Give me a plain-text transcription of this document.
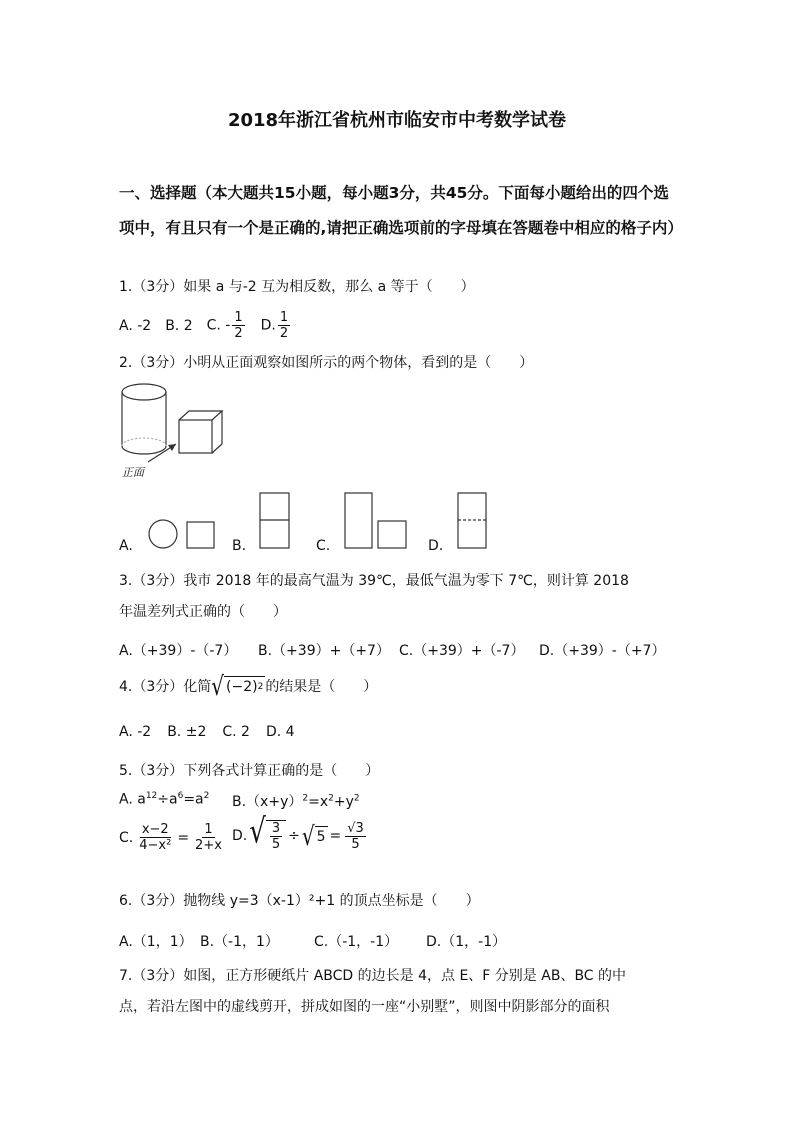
2018年浙江省杭州市临安市中考数学试卷
一、选择题（本大题共15小题，每小题3分，共45分。下面每小题给出的四个选项中，有且只有一个是正确的,请把正确选项前的字母填在答题卷中相应的格子内）
1.（3分）如果 a 与-2 互为相反数，那么 a 等于（　　）
A. -2 B. 2 C. - $\frac{1}{2} D$. $\frac{1}{2}$
2.（3分）小明从正面观察如图所示的两个物体，看到的是（　　）
正面
A.	B.	C.	D.
3.（3分）我市 2018 年的最高气温为 39℃，最低气温为零下 7℃，则计算 2018
年温差列式正确的（　　）
A.（+39）-（-7） B.（+39）+（+7） C.（+39）+（-7） D.（+39）-（+7）
4.（3分）化简 √ (−2) 2 的结果是（　　）
A. -2 B. ±2 C. 2 D. 4
5.（3分）下列各式计算正确的是（　　）
A. $a^{12}\div a^6=a^2$ $B.(x+y)^2=x^2+y^2$
C. $\frac{x-2}{\text{4−x²}} = \frac{1}{2+x} D$. √ $\frac{3}{5}$ ÷ √ $5 = \frac{√3}{5}$
6.（3分）抛物线 y=3（x-1）²+1 的顶点坐标是（　　）
A.（1，1） B.（-1，1）	C.（-1，-1） D.（1，-1）
7.（3分）如图，正方形硬纸片 ABCD 的边长是 4，点 E、F 分别是 AB、BC 的中
点，若沿左图中的虚线剪开，拼成如图的一座“小别墅”，则图中阴影部分的面积
